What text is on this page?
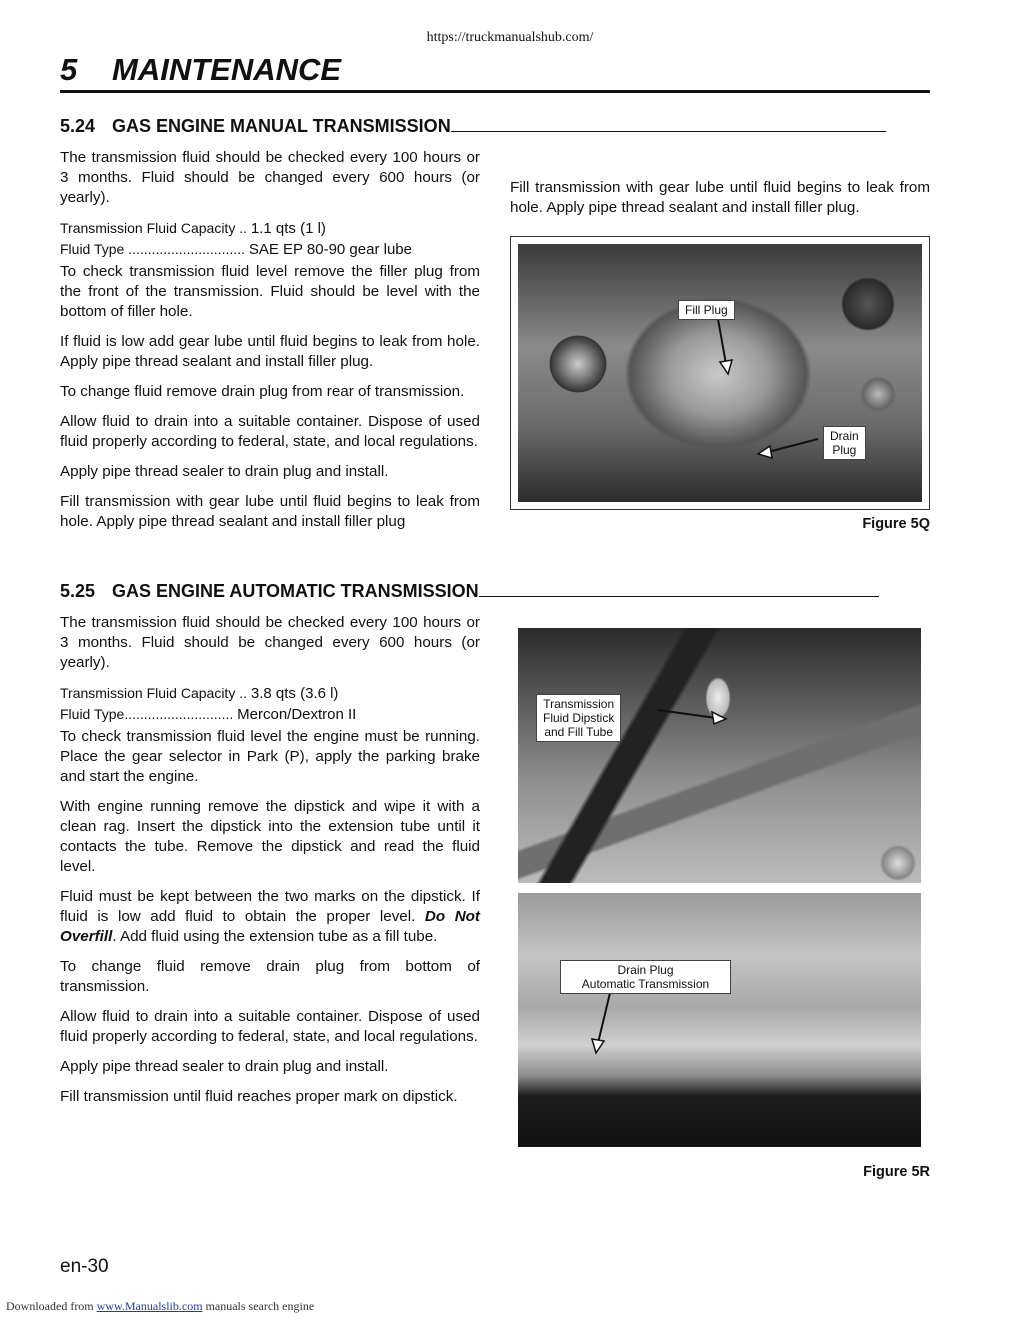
https://truckmanualshub.com/
5 MAINTENANCE
5.24 GAS ENGINE MANUAL TRANSMISSION

The transmission fluid should be checked every 100 hours or 3 months. Fluid should be changed every 600 hours (or yearly).

Transmission Fluid Capacity .. 1.1 qts (1 l)
Fluid Type .............................. SAE EP 80-90 gear lube

To check transmission fluid level remove the filler plug from the front of the transmission. Fluid should be level with the bottom of filler hole.

If fluid is low add gear lube until fluid begins to leak from hole. Apply pipe thread sealant and install filler plug.

To change fluid remove drain plug from rear of transmission.

Allow fluid to drain into a suitable container. Dispose of used fluid properly according to federal, state, and local regulations.

Apply pipe thread sealer to drain plug and install.

Fill transmission with gear lube until fluid begins to leak from hole. Apply pipe thread sealant and install filler plug

Fill transmission with gear lube until fluid begins to leak from hole. Apply pipe thread sealant and install filler plug.
Fill Plug
Drain
Plug
Figure 5Q
5.25 GAS ENGINE AUTOMATIC TRANSMISSION

The transmission fluid should be checked every 100 hours or 3 months. Fluid should be changed every 600 hours (or yearly).

Transmission Fluid Capacity .. 3.8 qts (3.6 l)
Fluid Type............................ Mercon/Dextron II

To check transmission fluid level the engine must be running. Place the gear selector in Park (P), apply the parking brake and start the engine.

With engine running remove the dipstick and wipe it with a clean rag. Insert the dipstick into the extension tube until it contacts the tube. Remove the dipstick and read the fluid level.

Fluid must be kept between the two marks on the dipstick. If fluid is low add fluid to obtain the proper level. Do Not Overfill. Add fluid using the extension tube as a fill tube.

To change fluid remove drain plug from bottom of transmission.

Allow fluid to drain into a suitable container. Dispose of used fluid properly according to federal, state, and local regulations.

Apply pipe thread sealer to drain plug and install.

Fill transmission until fluid reaches proper mark on dipstick.

Transmission
Fluid Dipstick
and Fill Tube
Drain Plug
Automatic Transmission
Figure 5R
en-30
Downloaded from www.Manualslib.com manuals search engine
